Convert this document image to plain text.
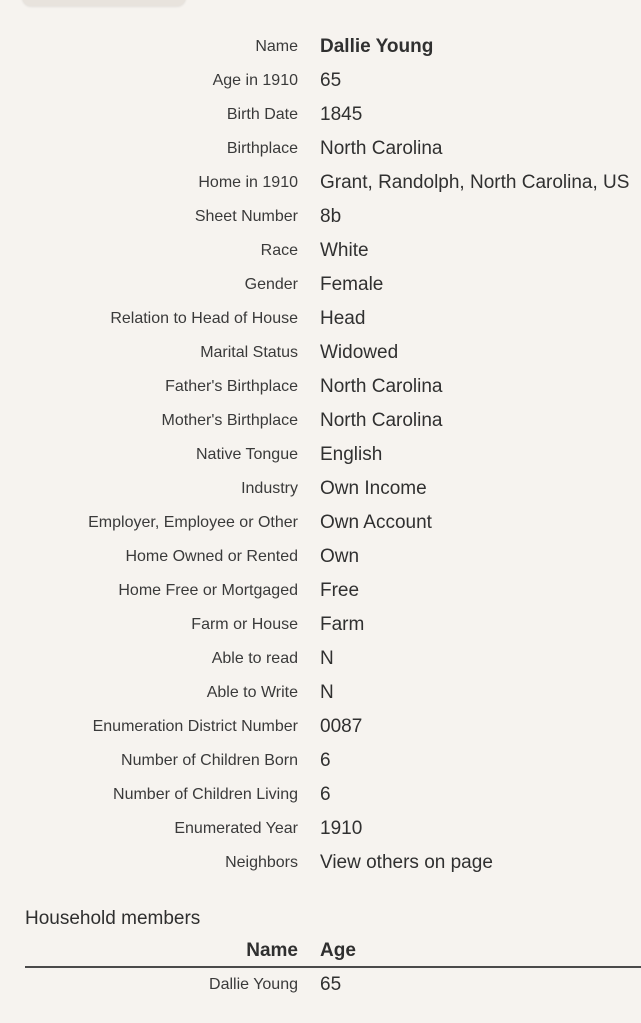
Name	Dallie Young
Age in 1910	65
Birth Date	1845
Birthplace	North Carolina
Home in 1910	Grant, Randolph, North Carolina, US
Sheet Number	8b
Race	White
Gender	Female
Relation to Head of House	Head
Marital Status	Widowed
Father's Birthplace	North Carolina
Mother's Birthplace	North Carolina
Native Tongue	English
Industry	Own Income
Employer, Employee or Other	Own Account
Home Owned or Rented	Own
Home Free or Mortgaged	Free
Farm or House	Farm
Able to read	N
Able to Write	N
Enumeration District Number	0087
Number of Children Born	6
Number of Children Living	6
Enumerated Year	1910
Neighbors	View others on page
Household members
Name	Age
Dallie Young	65
